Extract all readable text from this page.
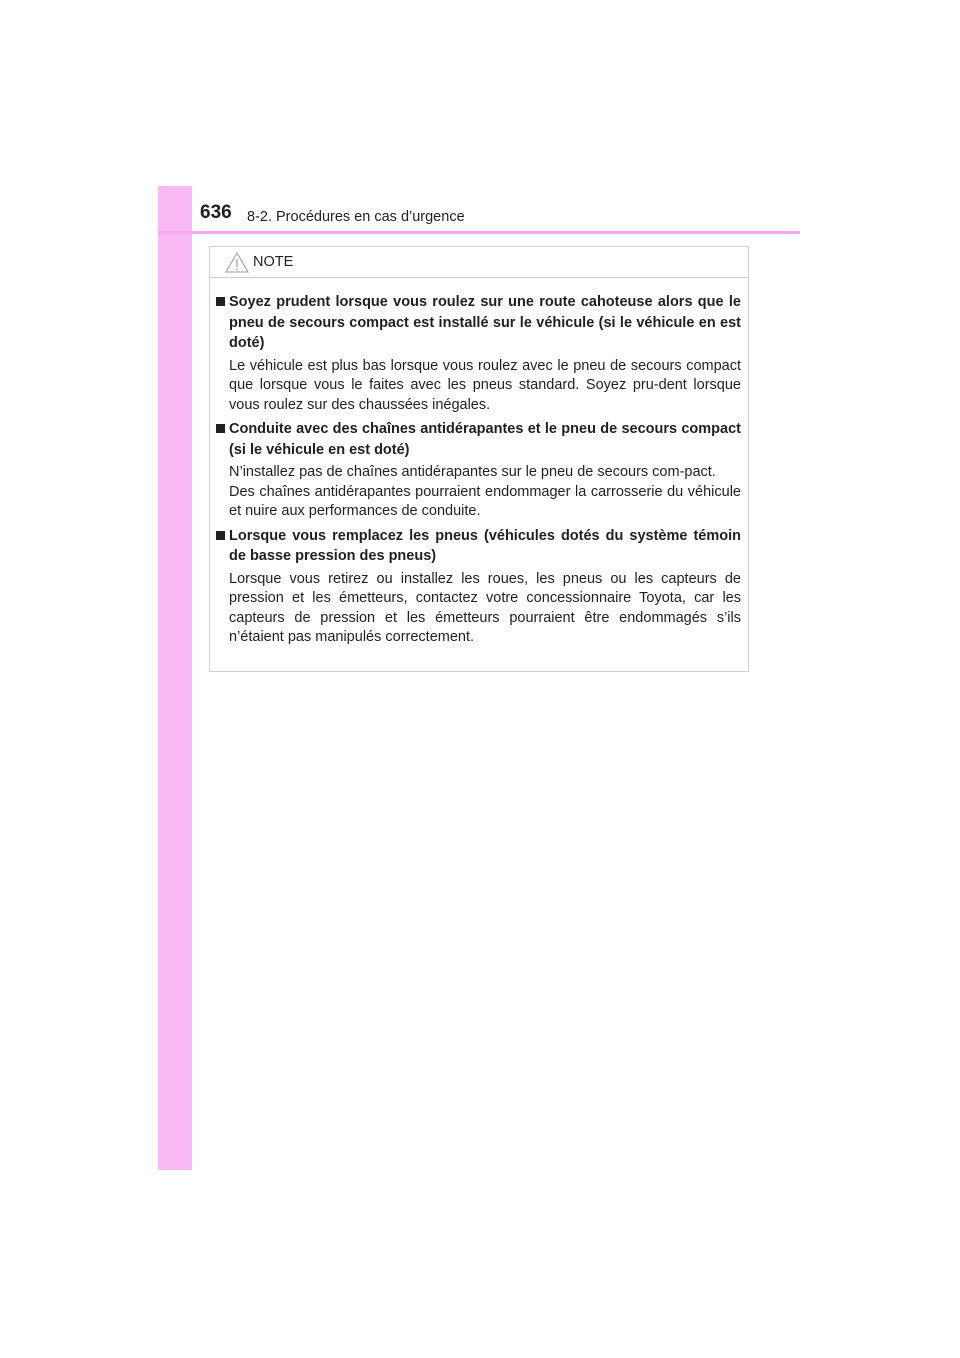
636 8-2. Procédures en cas d’urgence
NOTE
Soyez prudent lorsque vous roulez sur une route cahoteuse alors que le pneu de secours compact est installé sur le véhicule (si le véhicule en est doté)

Le véhicule est plus bas lorsque vous roulez avec le pneu de secours compact que lorsque vous le faites avec les pneus standard. Soyez pru-dent lorsque vous roulez sur des chaussées inégales.

Conduite avec des chaînes antidérapantes et le pneu de secours compact (si le véhicule en est doté)

N’installez pas de chaînes antidérapantes sur le pneu de secours com-pact.

Des chaînes antidérapantes pourraient endommager la carrosserie du véhicule et nuire aux performances de conduite.

Lorsque vous remplacez les pneus (véhicules dotés du système témoin de basse pression des pneus)

Lorsque vous retirez ou installez les roues, les pneus ou les capteurs de pression et les émetteurs, contactez votre concessionnaire Toyota, car les capteurs de pression et les émetteurs pourraient être endommagés s’ils n’étaient pas manipulés correctement.
